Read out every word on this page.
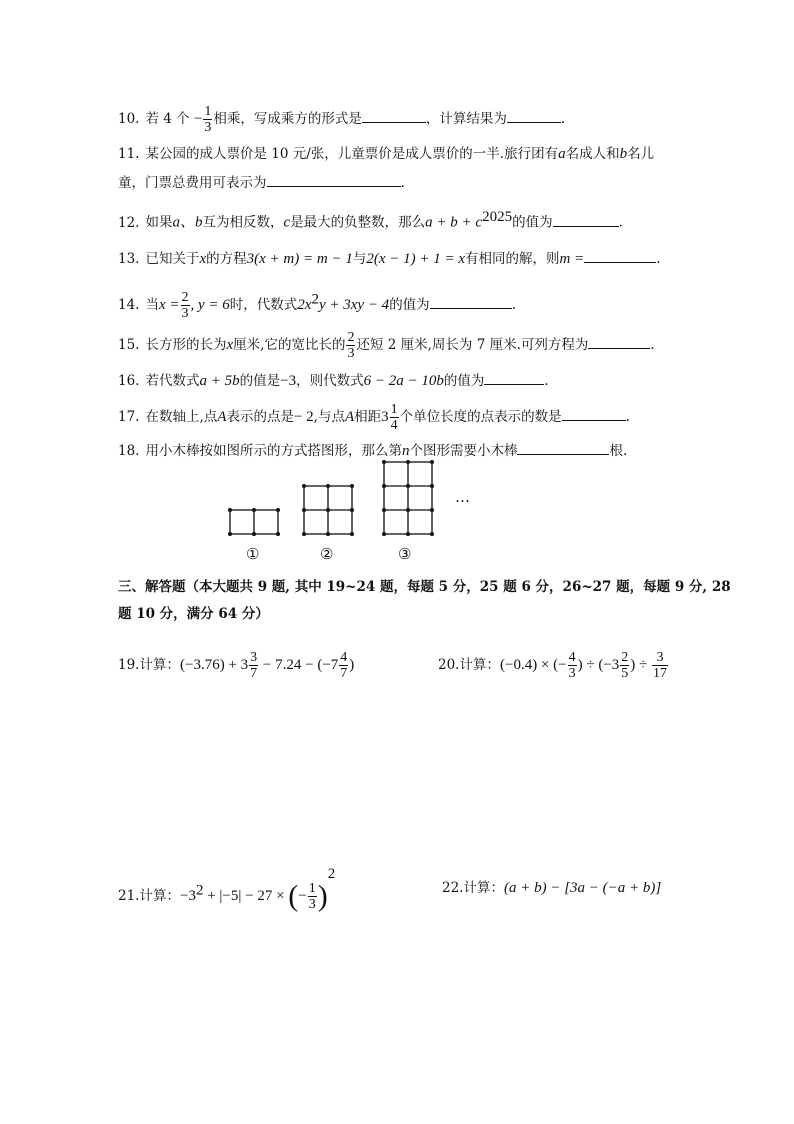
10. 若 4 个 − $\frac{1}{3}$ 相乘，写成乘方的形式是	，计算结果为	.
11. 某公园的成人票价是 10 元/张，儿童票价是成人票价的一半.旅行团有a名成人和b名儿
童，门票总费用可表示为	.
12. 如果a、b互为相反数，c是最大的负整数，那么$a + b + c^{2025}$的值为	.
13. 已知关于x的方程3(x + m) = m − 1与2(x − 1) + 1 = x有相同的解，则m =	.
14. 当$x = \frac{2}{3}$ , y = 6时，代数式$2x^2y + 3xy - 4$的值为	.
15. 长方形的长为x厘米,它的宽比长的 $\frac{2}{3}$ 还短 2 厘米,周长为 7 厘米.可列方程为	.
16. 若代数式a + 5b的值是−3，则代数式6 − 2a − 10b的值为	.
17. 在数轴上,点A表示的点是− 2,与点A相距$3 \frac{1}{4}$ 个单位长度的点表示的数是	.
18. 用小木棒按如图所示的方式搭图形，那么第n个图形需要小木棒	根.
…
①	②	③
三、解答题（本大题共 9 题, 其中 19~24 题，每题 5 分，25 题 6 分，26~27 题，每题 9 分, 28
题 10 分，满分 64 分）
19.计算：$(-3.76) + 3 \frac{3}{7} - 7.24 - (-7 \frac{4}{7}$ )	20.计算：(−0.4) × (− $\frac{4}{3}$ ) ÷ ($-3 \frac{2}{5}$ ) ÷ $\frac{3}{17}$
21.计算：$-3^2 + |-5| - 27$ × (− $\frac{1}{3} )^2$
22.计算：(a + b) − [3a − (−a + b)]
